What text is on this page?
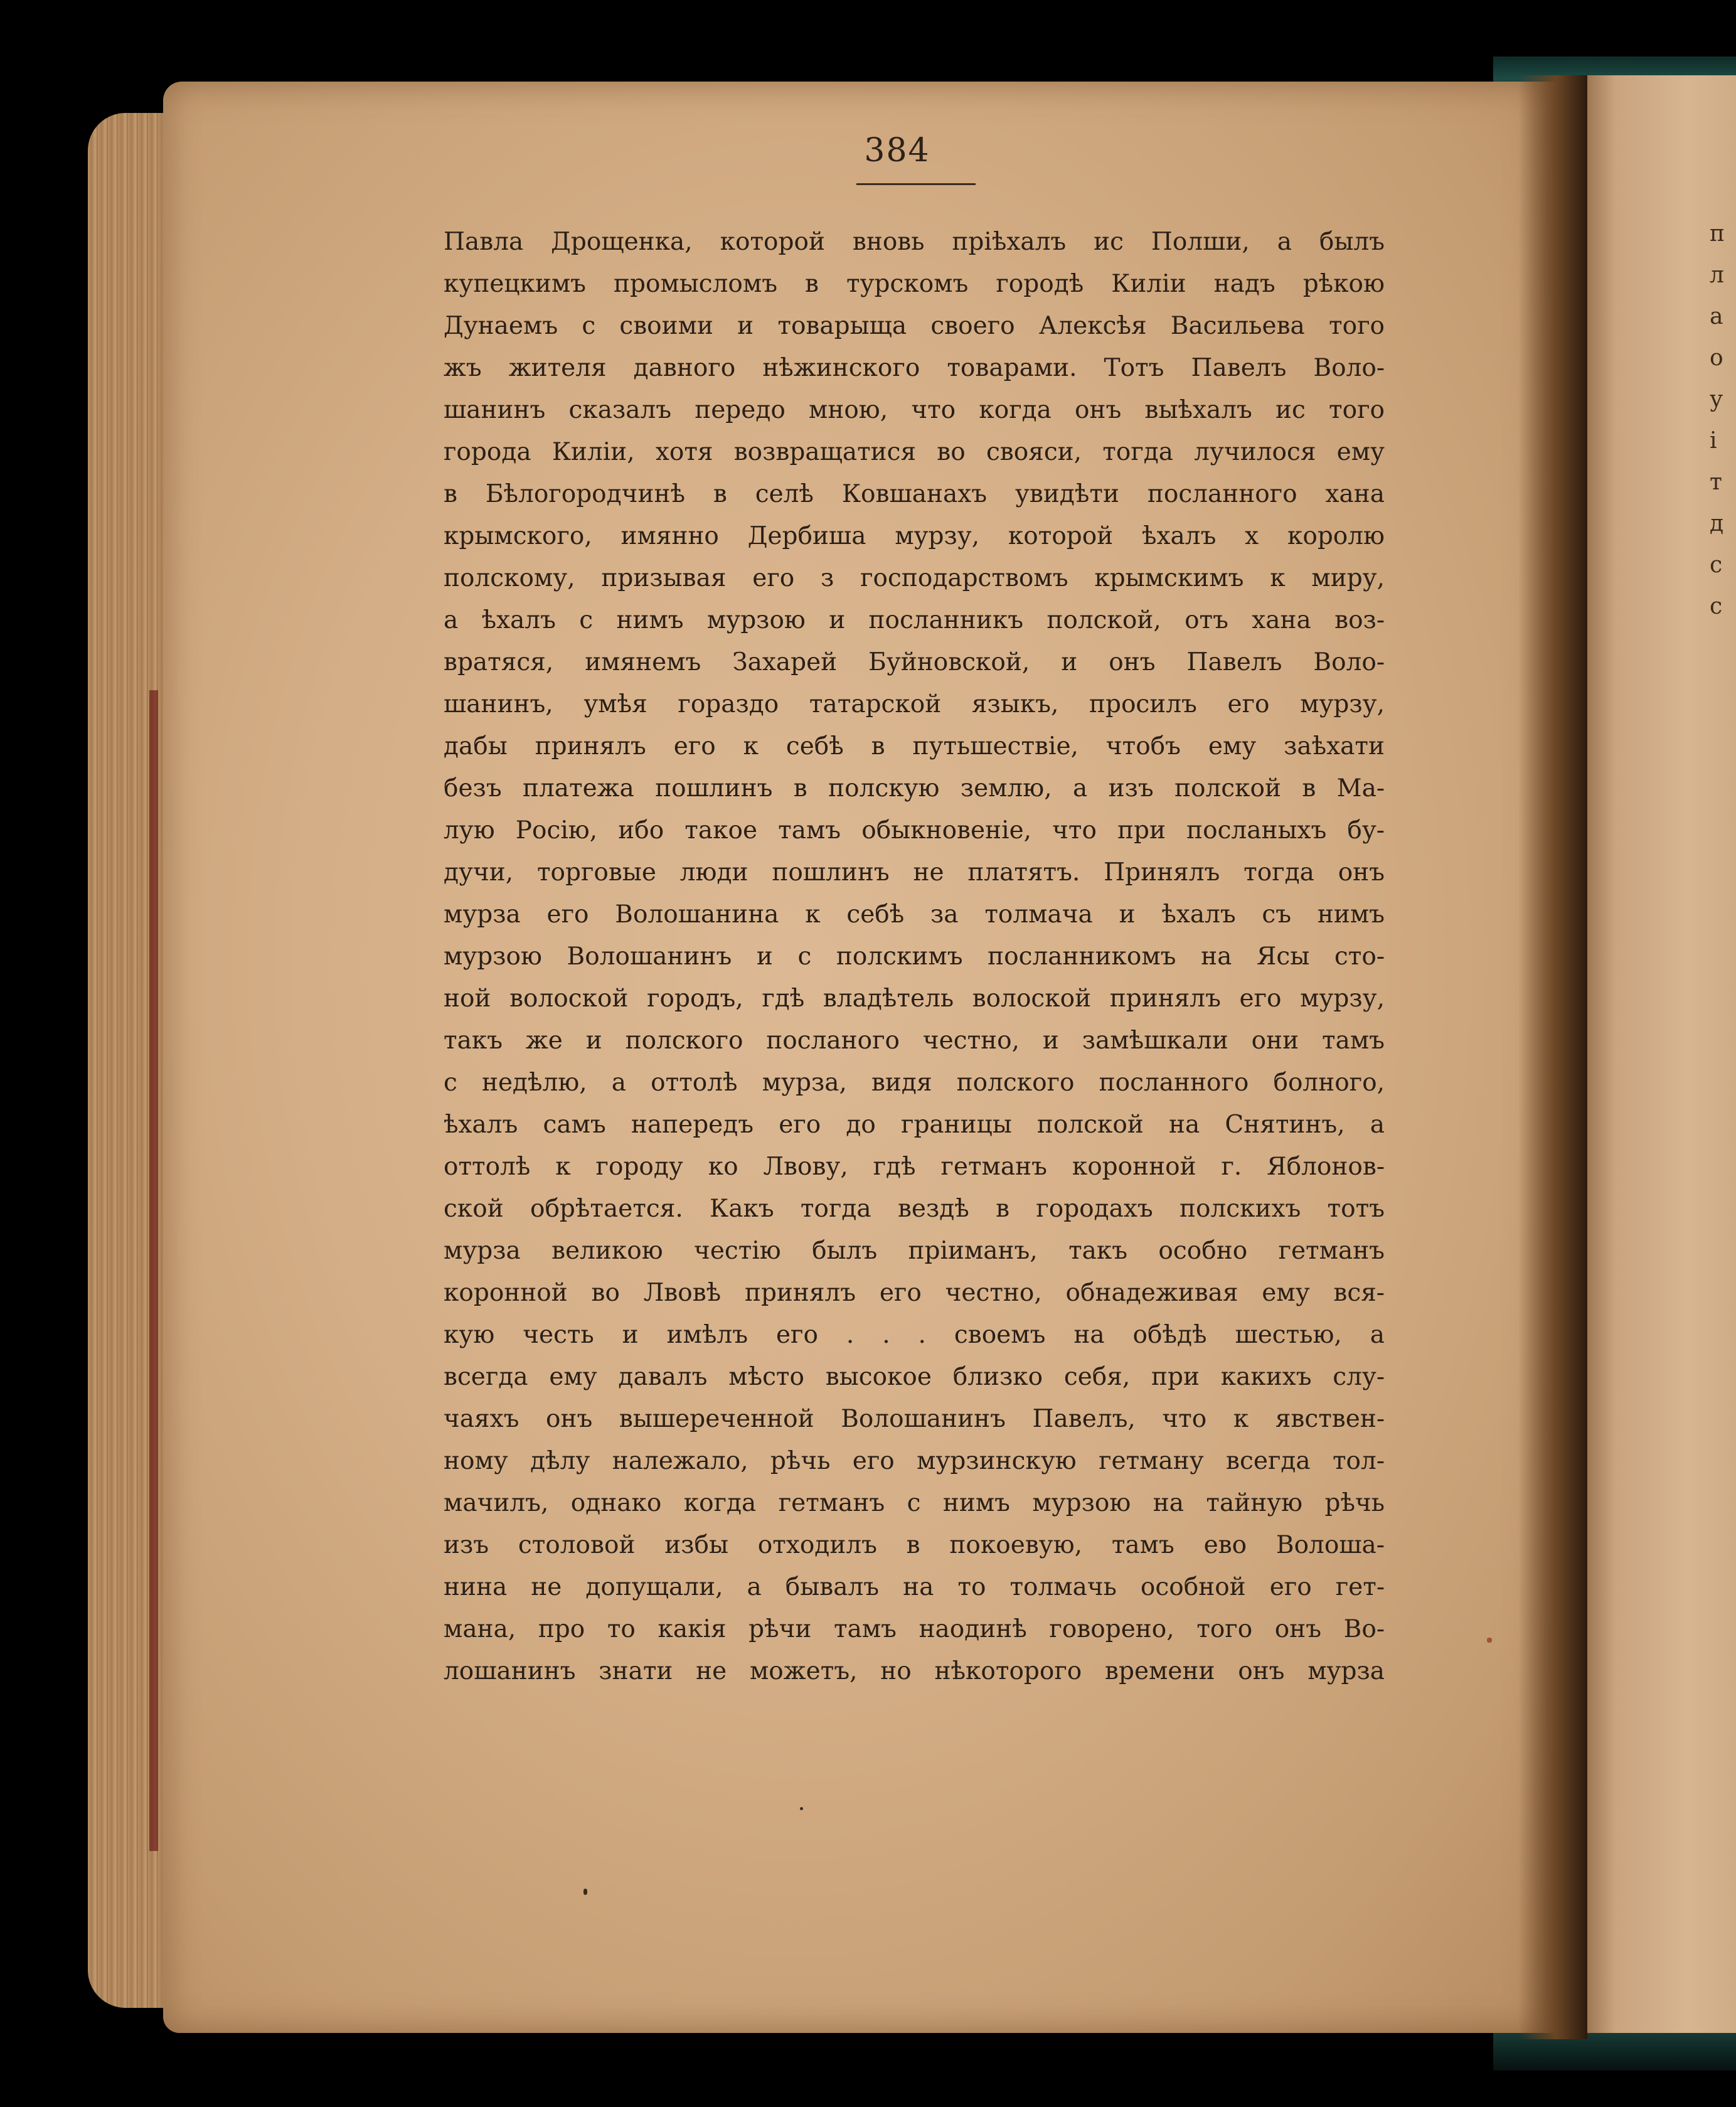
п
л
а
о
у
і
т
д
с
с
384
Павла Дрощенка, которой вновь пріѣхалъ ис Полши, а былъ
купецкимъ промысломъ в турскомъ городѣ Киліи надъ рѣкою
Дунаемъ с своими и товарыща своего Алексѣя Васильева того
жъ жителя давного нѣжинского товарами. Тотъ Павелъ Воло-
шанинъ сказалъ передо мною, что когда онъ выѣхалъ ис того
города Киліи, хотя возвращатися во свояси, тогда лучилося ему
в Бѣлогородчинѣ в селѣ Ковшанахъ увидѣти посланного хана
крымского, имянно Дербиша мурзу, которой ѣхалъ х королю
полскому, призывая его з господарствомъ крымскимъ к миру,
а ѣхалъ с нимъ мурзою и посланникъ полской, отъ хана воз-
вратяся, имянемъ Захарей Буйновской, и онъ Павелъ Воло-
шанинъ, умѣя гораздо татарской языкъ, просилъ его мурзу,
дабы принялъ его к себѣ в путьшествіе, чтобъ ему заѣхати
безъ платежа пошлинъ в полскую землю, а изъ полской в Ма-
лую Росію, ибо такое тамъ обыкновеніе, что при посланыхъ бу-
дучи, торговые люди пошлинъ не платятъ. Принялъ тогда онъ
мурза его Волошанина к себѣ за толмача и ѣхалъ съ нимъ
мурзою Волошанинъ и с полскимъ посланникомъ на Ясы сто-
ной волоской городъ, гдѣ владѣтель волоской принялъ его мурзу,
такъ же и полского посланого честно, и замѣшкали они тамъ
с недѣлю, а оттолѣ мурза, видя полского посланного болного,
ѣхалъ самъ напередъ его до границы полской на Снятинъ, а
оттолѣ к городу ко Лвову, гдѣ гетманъ коронной г. Яблонов-
ской обрѣтается. Какъ тогда вездѣ в городахъ полскихъ тотъ
мурза великою честію былъ пріиманъ, такъ особно гетманъ
коронной во Лвовѣ принялъ его честно, обнадеживая ему вся-
кую честь и имѣлъ его . . . своемъ на обѣдѣ шестью, а
всегда ему давалъ мѣсто высокое близко себя, при какихъ слу-
чаяхъ онъ вышереченной Волошанинъ Павелъ, что к явствен-
ному дѣлу належало, рѣчь его мурзинскую гетману всегда тол-
мачилъ, однако когда гетманъ с нимъ мурзою на тайную рѣчь
изъ столовой избы отходилъ в покоевую, тамъ ево Волоша-
нина не допущали, а бывалъ на то толмачь особной его гет-
мана, про то какія рѣчи тамъ наодинѣ говорено, того онъ Во-
лошанинъ знати не можетъ, но нѣкоторого времени онъ мурза
